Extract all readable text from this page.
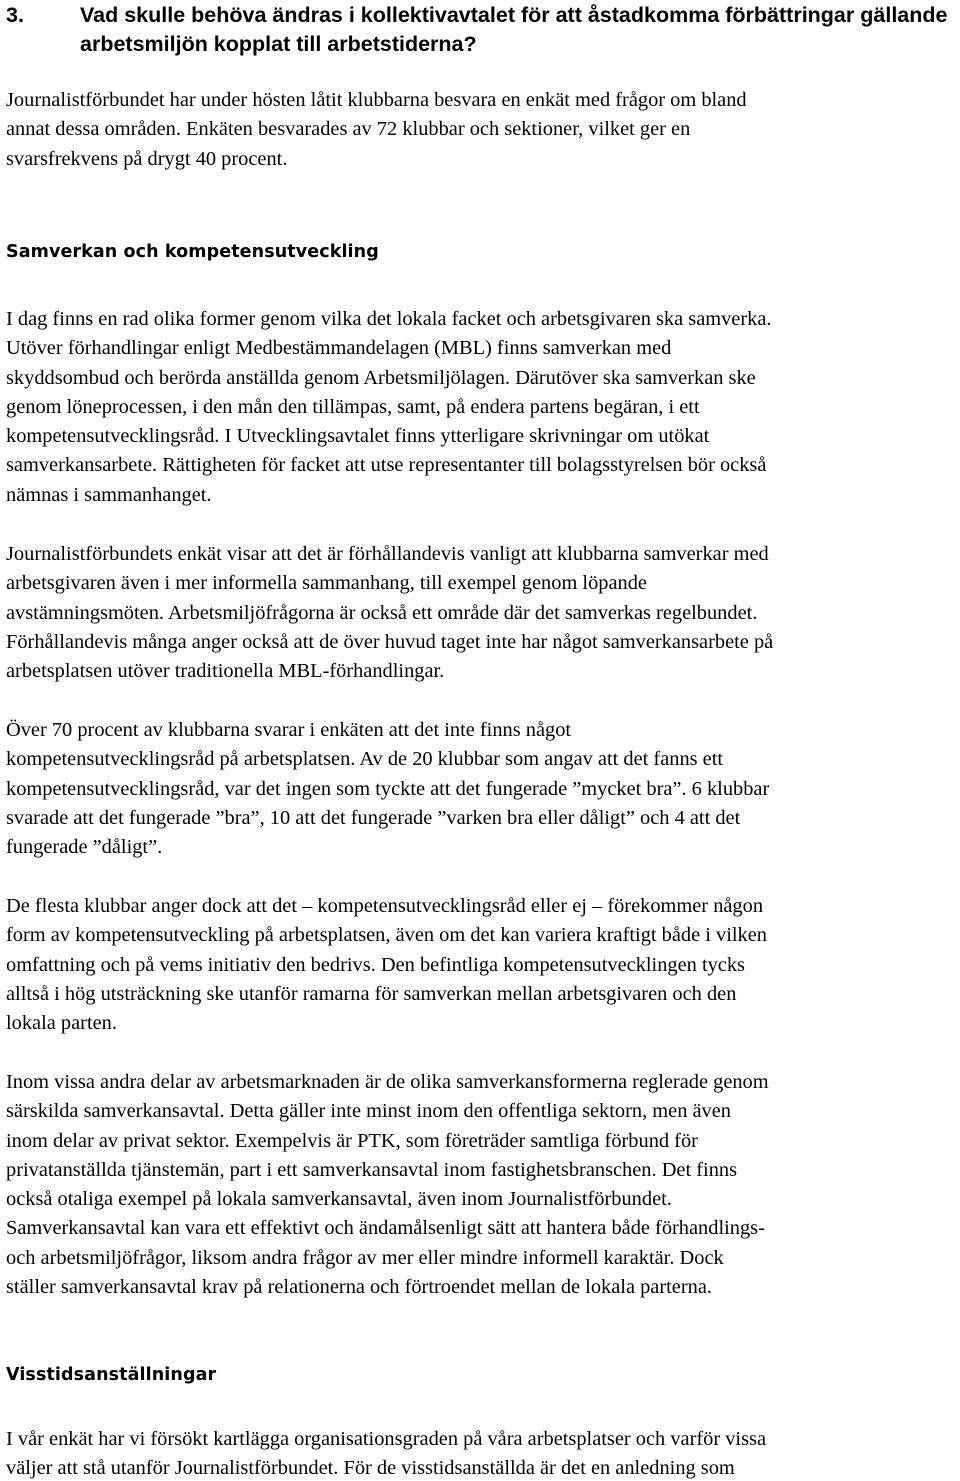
3.	Vad skulle behöva ändras i kollektivavtalet för att åstadkomma förbättringar gällande arbetsmiljön kopplat till arbetstiderna?

Journalistförbundet har under hösten låtit klubbarna besvara en enkät med frågor om bland
annat dessa områden. Enkäten besvarades av 72 klubbar och sektioner, vilket ger en
svarsfrekvens på drygt 40 procent.

Samverkan och kompetensutveckling

I dag finns en rad olika former genom vilka det lokala facket och arbetsgivaren ska samverka.
Utöver förhandlingar enligt Medbestämmandelagen (MBL) finns samverkan med
skyddsombud och berörda anställda genom Arbetsmiljölagen. Därutöver ska samverkan ske
genom löneprocessen, i den mån den tillämpas, samt, på endera partens begäran, i ett
kompetensutvecklingsråd. I Utvecklingsavtalet finns ytterligare skrivningar om utökat
samverkansarbete. Rättigheten för facket att utse representanter till bolagsstyrelsen bör också
nämnas i sammanhanget.

Journalistförbundets enkät visar att det är förhållandevis vanligt att klubbarna samverkar med
arbetsgivaren även i mer informella sammanhang, till exempel genom löpande
avstämningsmöten. Arbetsmiljöfrågorna är också ett område där det samverkas regelbundet.
Förhållandevis många anger också att de över huvud taget inte har något samverkansarbete på
arbetsplatsen utöver traditionella MBL-förhandlingar.

Över 70 procent av klubbarna svarar i enkäten att det inte finns något
kompetensutvecklingsråd på arbetsplatsen. Av de 20 klubbar som angav att det fanns ett
kompetensutvecklingsråd, var det ingen som tyckte att det fungerade ”mycket bra”. 6 klubbar
svarade att det fungerade ”bra”, 10 att det fungerade ”varken bra eller dåligt” och 4 att det
fungerade ”dåligt”.

De flesta klubbar anger dock att det – kompetensutvecklingsråd eller ej – förekommer någon
form av kompetensutveckling på arbetsplatsen, även om det kan variera kraftigt både i vilken
omfattning och på vems initiativ den bedrivs. Den befintliga kompetensutvecklingen tycks
alltså i hög utsträckning ske utanför ramarna för samverkan mellan arbetsgivaren och den
lokala parten.

Inom vissa andra delar av arbetsmarknaden är de olika samverkansformerna reglerade genom
särskilda samverkansavtal. Detta gäller inte minst inom den offentliga sektorn, men även
inom delar av privat sektor. Exempelvis är PTK, som företräder samtliga förbund för
privatanställda tjänstemän, part i ett samverkansavtal inom fastighetsbranschen. Det finns
också otaliga exempel på lokala samverkansavtal, även inom Journalistförbundet.
Samverkansavtal kan vara ett effektivt och ändamålsenligt sätt att hantera både förhandlings-
och arbetsmiljöfrågor, liksom andra frågor av mer eller mindre informell karaktär. Dock
ställer samverkansavtal krav på relationerna och förtroendet mellan de lokala parterna.

Visstidsanställningar

I vår enkät har vi försökt kartlägga organisationsgraden på våra arbetsplatser och varför vissa
väljer att stå utanför Journalistförbundet. För de visstidsanställda är det en anledning som
